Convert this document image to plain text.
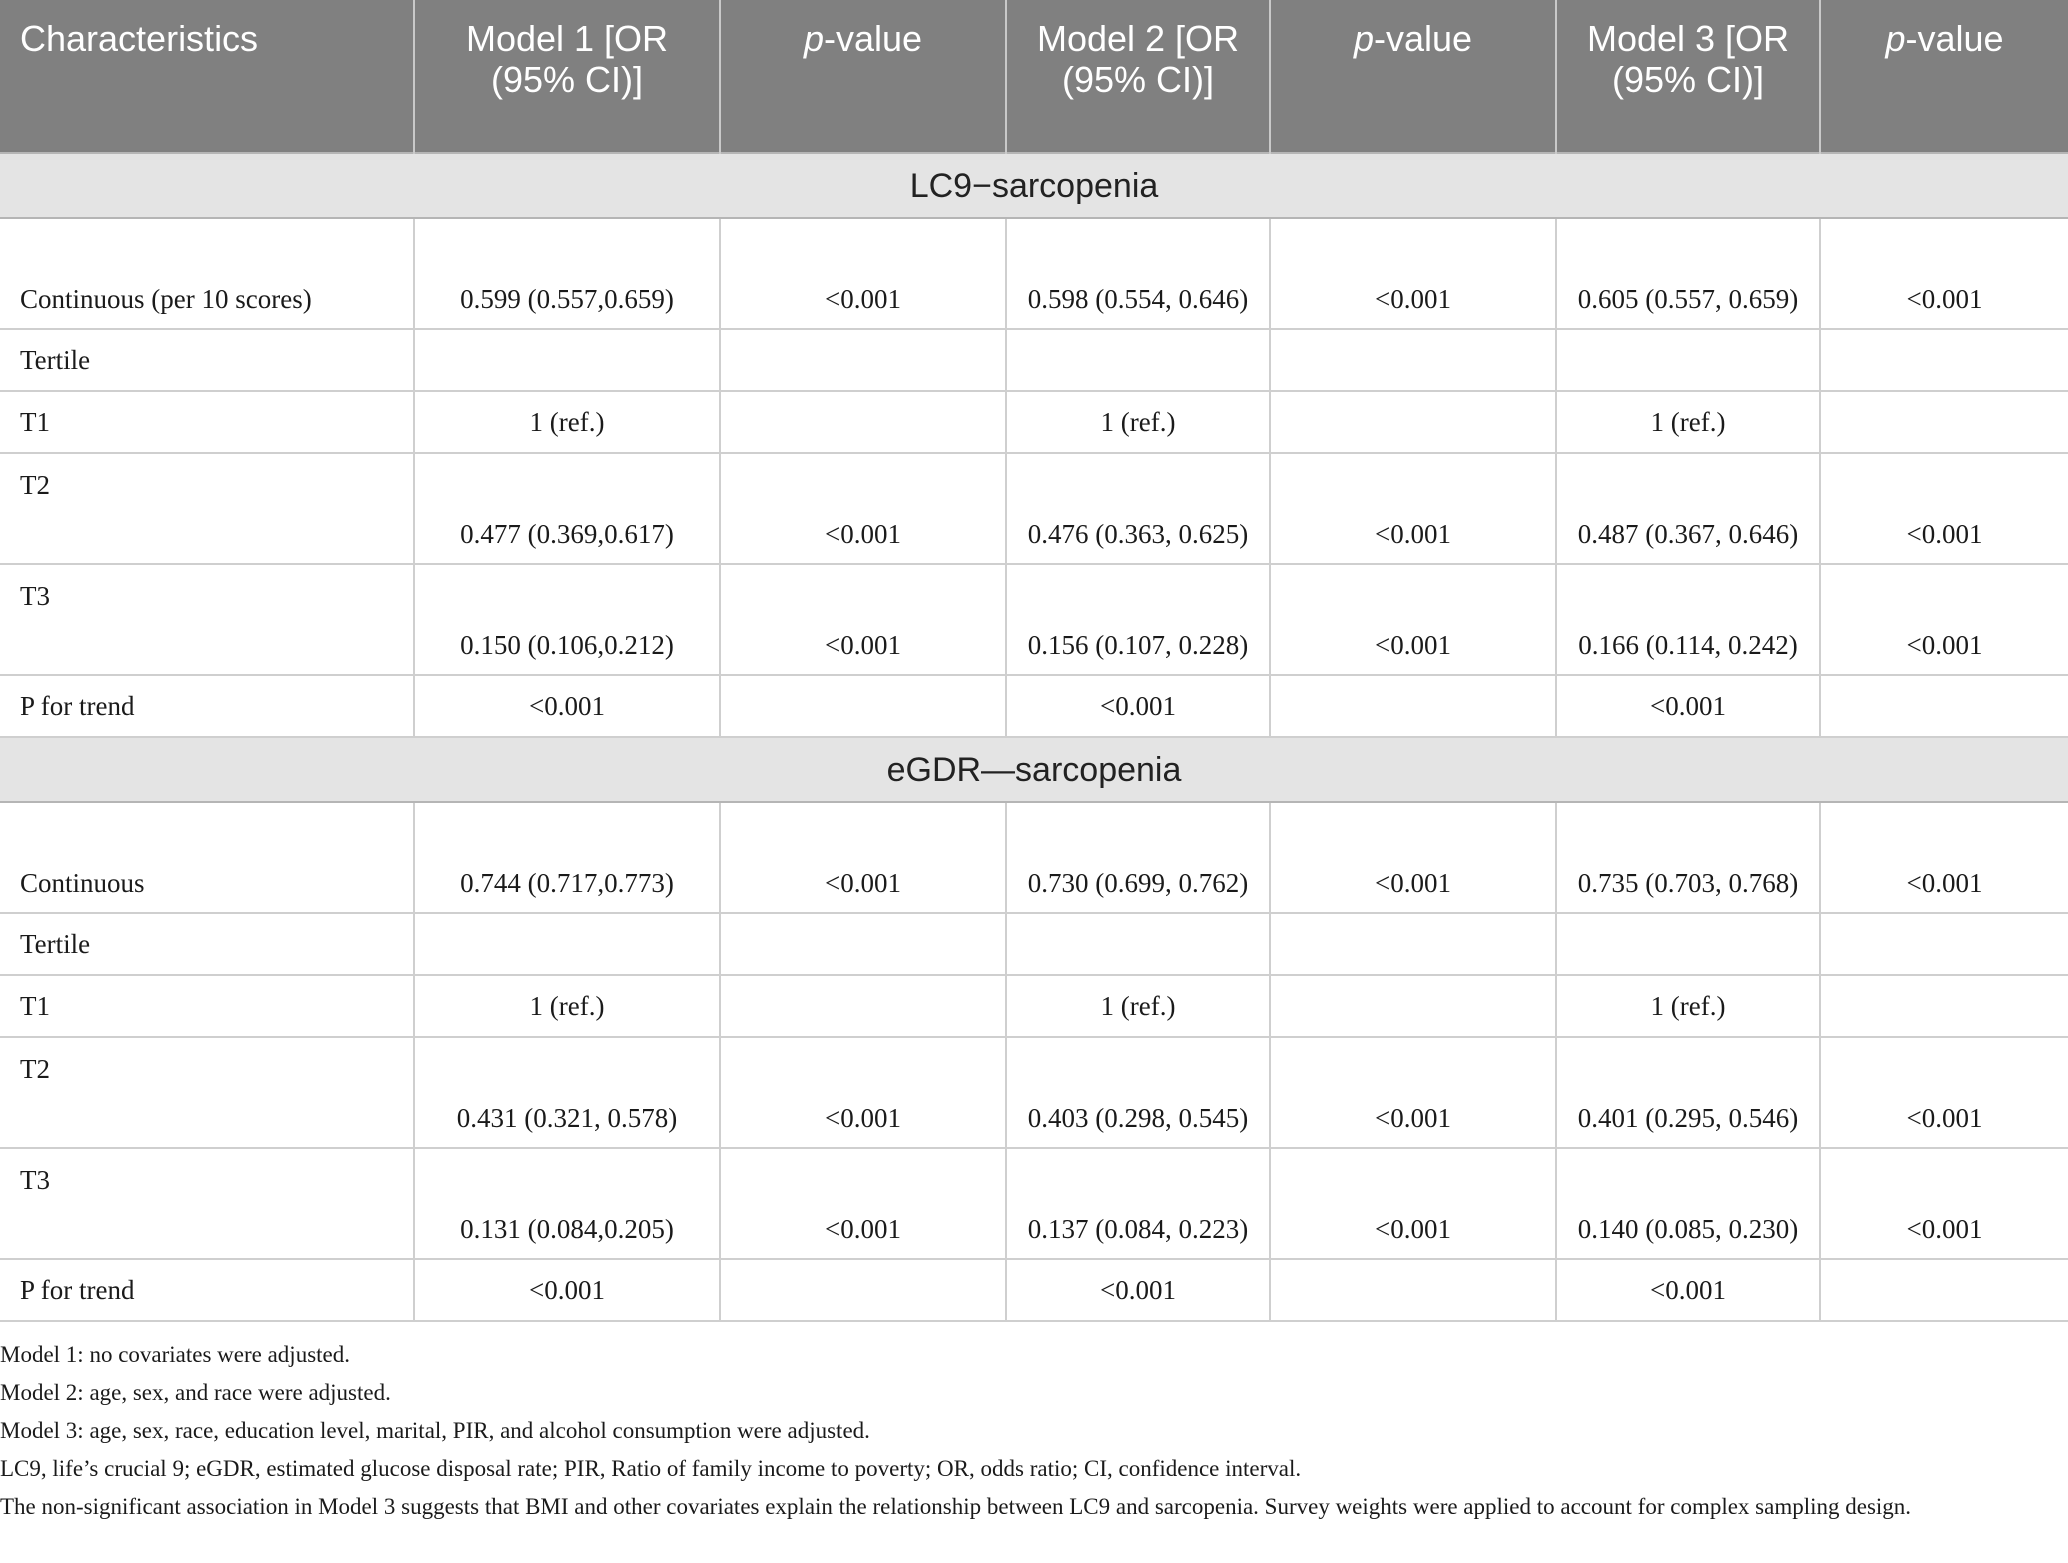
Characteristics	Model 1 [OR (95% CI)]	p-value	Model 2 [OR (95% CI)]	p-value	Model 3 [OR (95% CI)]	p-value
LC9−sarcopenia						
Continuous (per 10 scores)	0.599 (0.557,0.659)	<0.001	0.598 (0.554, 0.646)	<0.001	0.605 (0.557, 0.659)	<0.001
Tertile						
T1	1 (ref.)		1 (ref.)		1 (ref.)	
T2	0.477 (0.369,0.617)	<0.001	0.476 (0.363, 0.625)	<0.001	0.487 (0.367, 0.646)	<0.001
T3	0.150 (0.106,0.212)	<0.001	0.156 (0.107, 0.228)	<0.001	0.166 (0.114, 0.242)	<0.001
P for trend	<0.001		<0.001		<0.001	
eGDR—sarcopenia						
Continuous	0.744 (0.717,0.773)	<0.001	0.730 (0.699, 0.762)	<0.001	0.735 (0.703, 0.768)	<0.001
Tertile						
T1	1 (ref.)		1 (ref.)		1 (ref.)	
T2	0.431 (0.321, 0.578)	<0.001	0.403 (0.298, 0.545)	<0.001	0.401 (0.295, 0.546)	<0.001
T3	0.131 (0.084,0.205)	<0.001	0.137 (0.084, 0.223)	<0.001	0.140 (0.085, 0.230)	<0.001
P for trend	<0.001		<0.001		<0.001	

Model 1: no covariates were adjusted.

Model 2: age, sex, and race were adjusted.

Model 3: age, sex, race, education level, marital, PIR, and alcohol consumption were adjusted.

LC9, life’s crucial 9; eGDR, estimated glucose disposal rate; PIR, Ratio of family income to poverty; OR, odds ratio; CI, confidence interval.

The non-significant association in Model 3 suggests that BMI and other covariates explain the relationship between LC9 and sarcopenia. Survey weights were applied to account for complex sampling design.
